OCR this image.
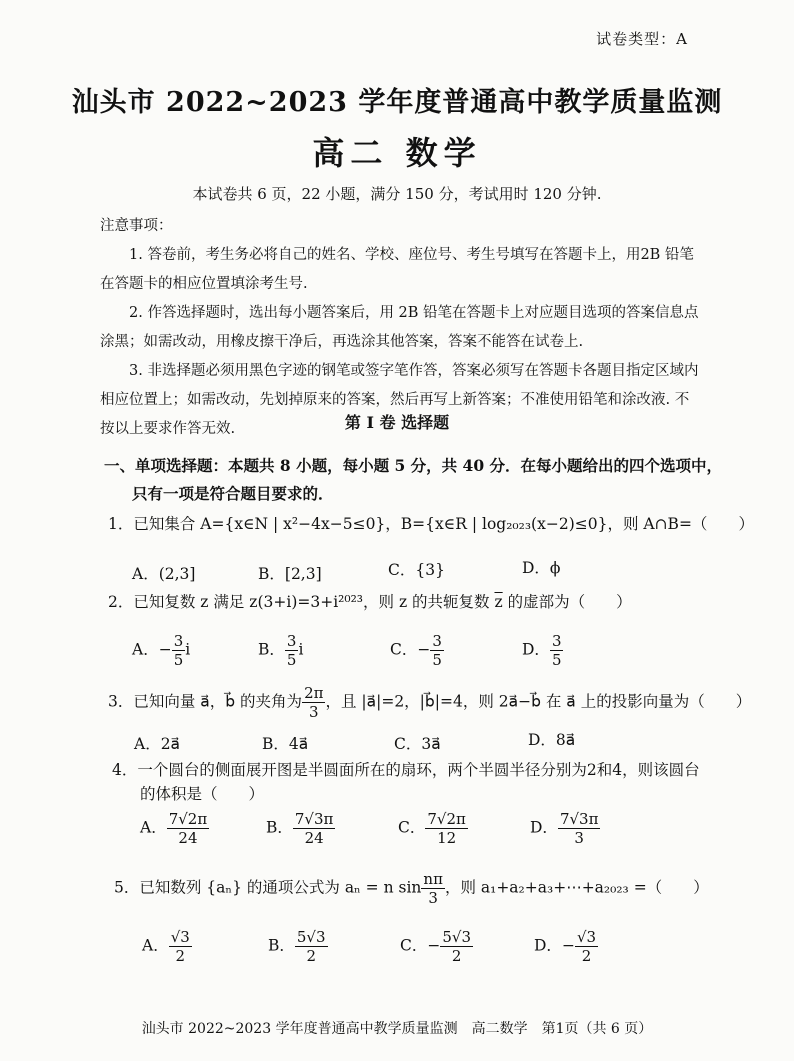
试卷类型：A
汕头市 2022~2023 学年度普通高中教学质量监测
高二 数学
本试卷共 6 页，22 小题，满分 150 分，考试用时 120 分钟.

注意事项：

1. 答卷前，考生务必将自己的姓名、学校、座位号、考生号填写在答题卡上，用2B 铅笔在答题卡的相应位置填涂考生号.

2. 作答选择题时，选出每小题答案后，用 2B 铅笔在答题卡上对应题目选项的答案信息点涂黑；如需改动，用橡皮擦干净后，再选涂其他答案，答案不能答在试卷上.

3. 非选择题必须用黑色字迹的钢笔或签字笔作答，答案必须写在答题卡各题目指定区域内相应位置上；如需改动，先划掉原来的答案，然后再写上新答案；不准使用铅笔和涂改液. 不按以上要求作答无效.	第 I 卷 选择题
一、单项选择题：本题共 8 小题，每小题 5 分，共 40 分．在每小题给出的四个选项中，
只有一项是符合题目要求的．
1．已知集合 A={x∈N | x²−4x−5≤0}，B={x∈R | log₂₀₂₃(x−2)≤0}，则 A∩B=（　　）
A．(2,3]	B．[2,3]	C．{3}	D．ϕ
2．已知复数 z 满足 z(3+i)=3+i²⁰²³，则 z 的共轭复数 $\overline{z}$ 的虚部为（　　）
A．− $\frac{3}{5}$ i	B． $\frac{3}{5}$ i	C．− $\frac{3}{5}$	D． $\frac{3}{5}$
3．已知向量 a⃗，b⃗ 的夹角为 $\frac{2\pi}{3}$ ，且 |a⃗|=2，|b⃗|=4，则 2a⃗−b⃗ 在 a⃗ 上的投影向量为（　　）
A．2a⃗	B．4a⃗	C．3a⃗	D．8a⃗
4．一个圆台的侧面展开图是半圆面所在的扇环，两个半圆半径分别为2和4，则该圆台
的体积是（　　）
A． $\frac{7√2\pi}{24}$	B． $\frac{7√3\pi}{24}$	C． $\frac{7√2\pi}{12}$	D． $\frac{7√3\pi}{3}$
5．已知数列 {aₙ} 的通项公式为 aₙ = n $\sin \frac{n\pi}{3}$ ，则 a₁+a₂+a₃+⋯+a₂₀₂₃ =（　　）
A． $\frac{√3}{2}$	B． $\frac{5√3}{2}$	C．− $\frac{5√3}{2}$	D．− $\frac{√3}{2}$
汕头市 2022~2023 学年度普通高中教学质量监测　高二数学　第1页（共 6 页）
